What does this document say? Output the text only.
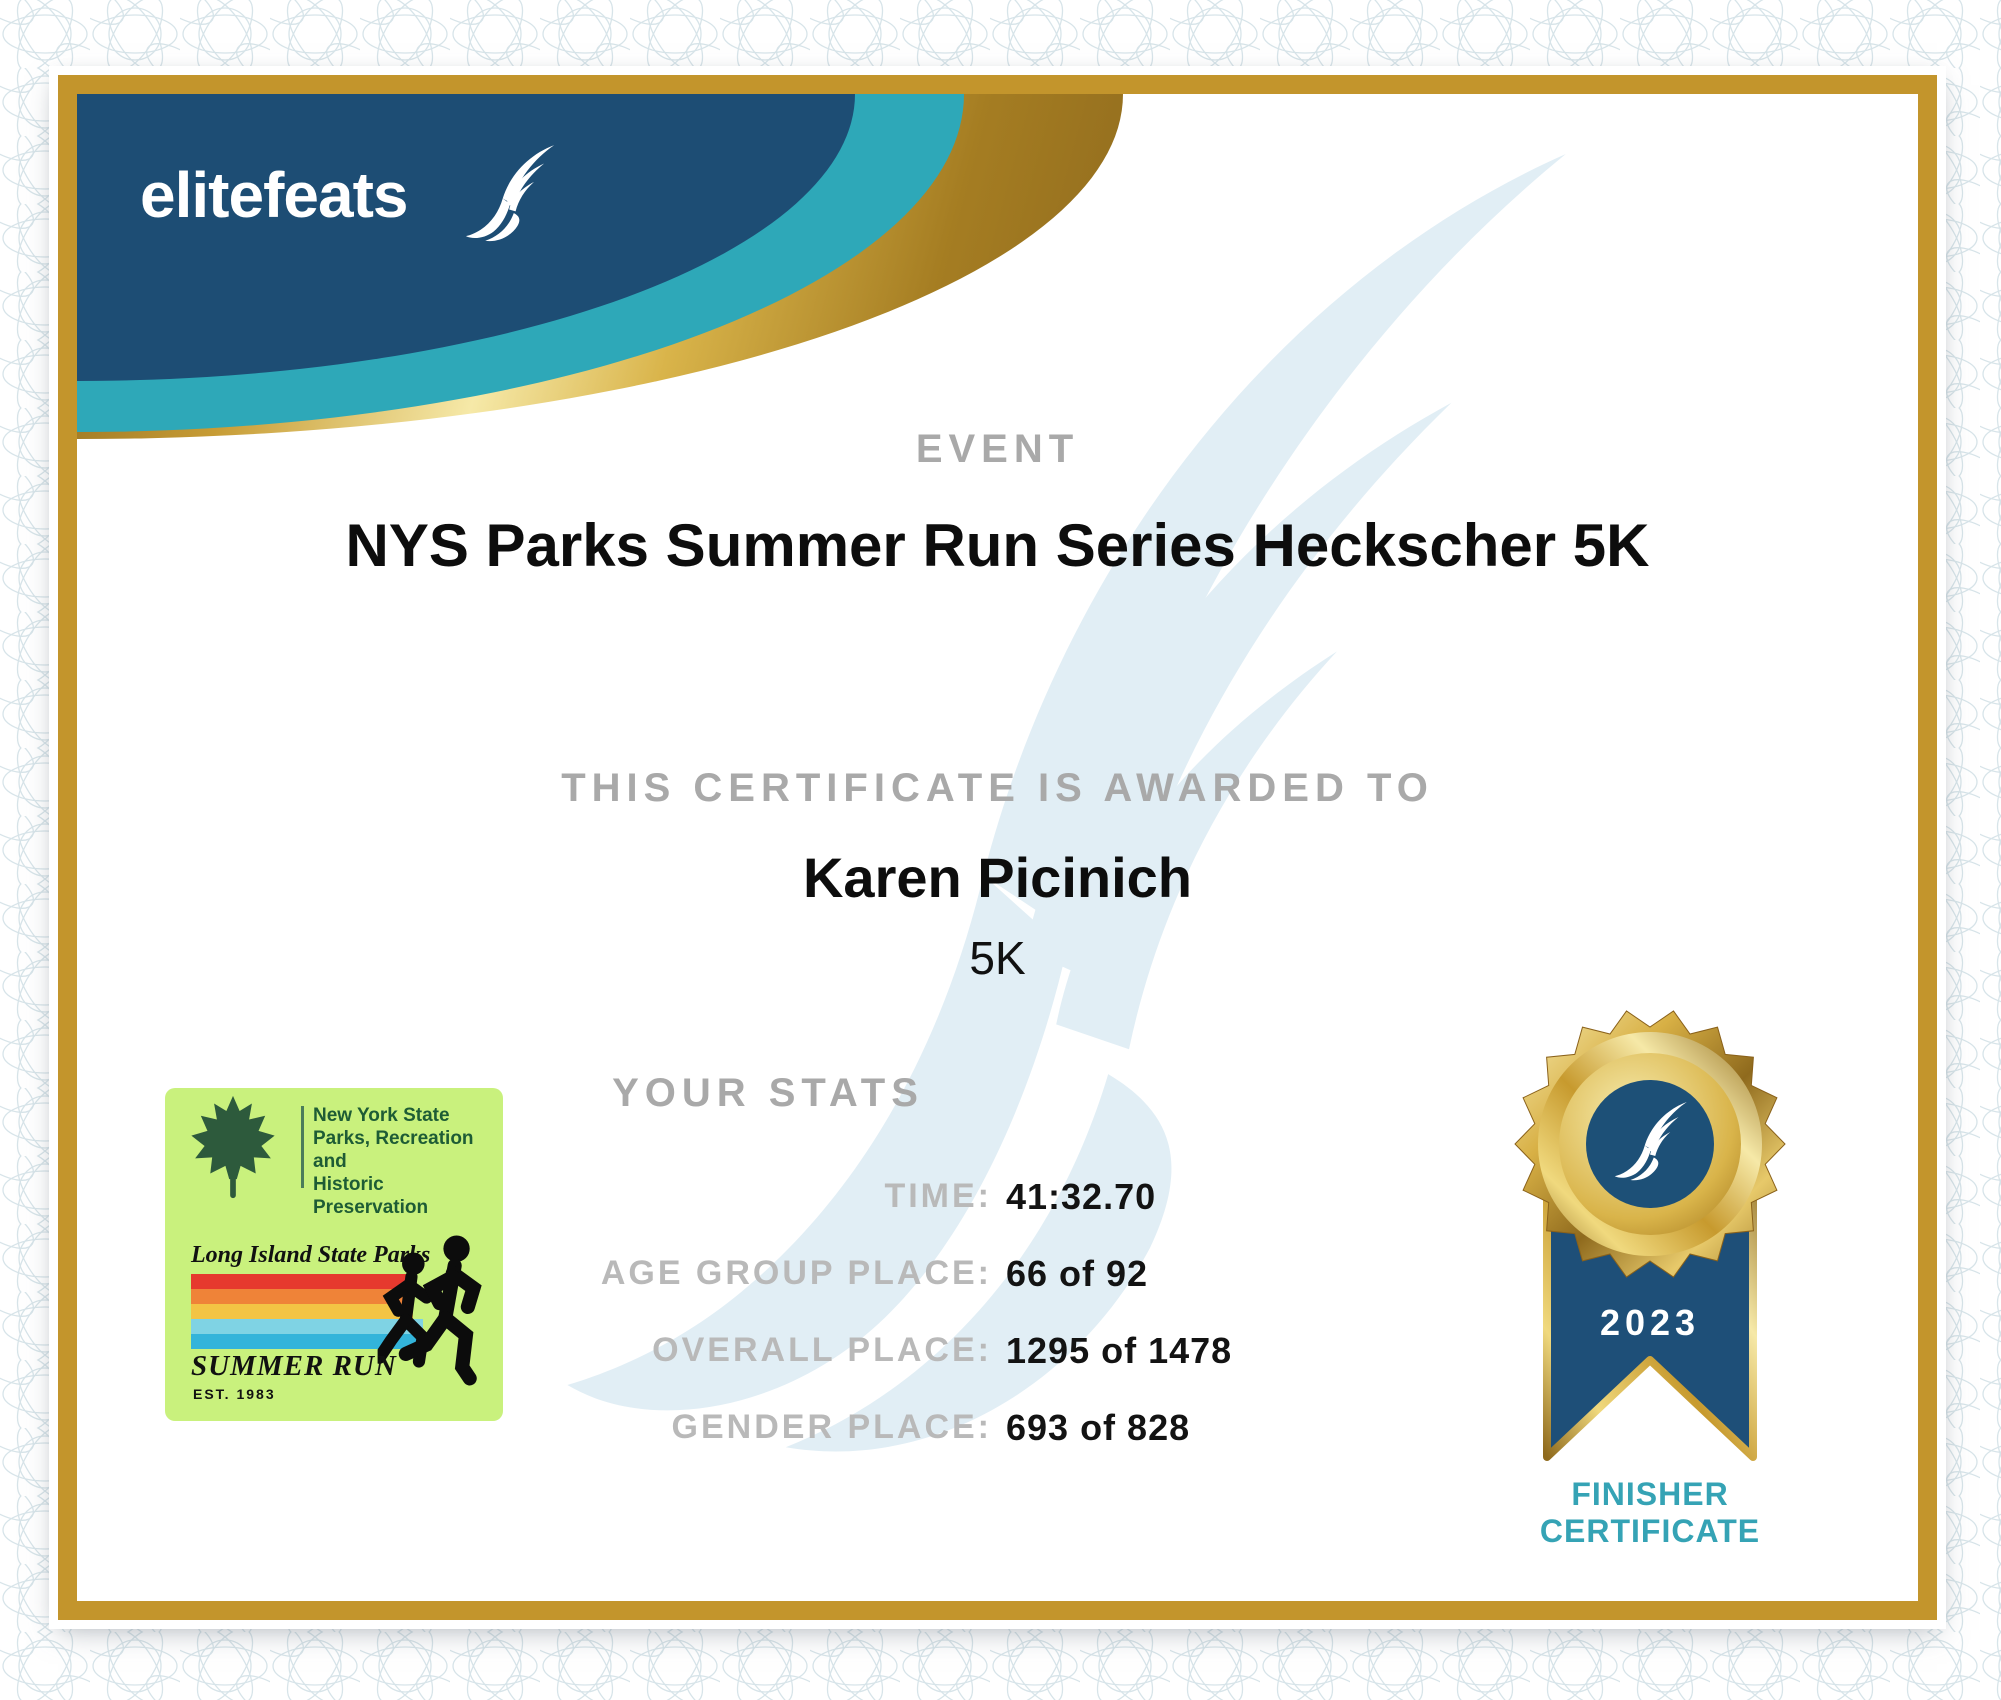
elitefeats
EVENT
NYS Parks Summer Run Series Heckscher 5K
THIS CERTIFICATE IS AWARDED TO
Karen Picinich
5K
YOUR STATS
TIME: 41:32.70
AGE GROUP PLACE: 66 of 92
OVERALL PLACE: 1295 of 1478
GENDER PLACE: 693 of 828
New York State
Parks, Recreation and
Historic Preservation
Long Island State Parks
SUMMER RUN
EST. 1983
2023
FINISHER
CERTIFICATE
